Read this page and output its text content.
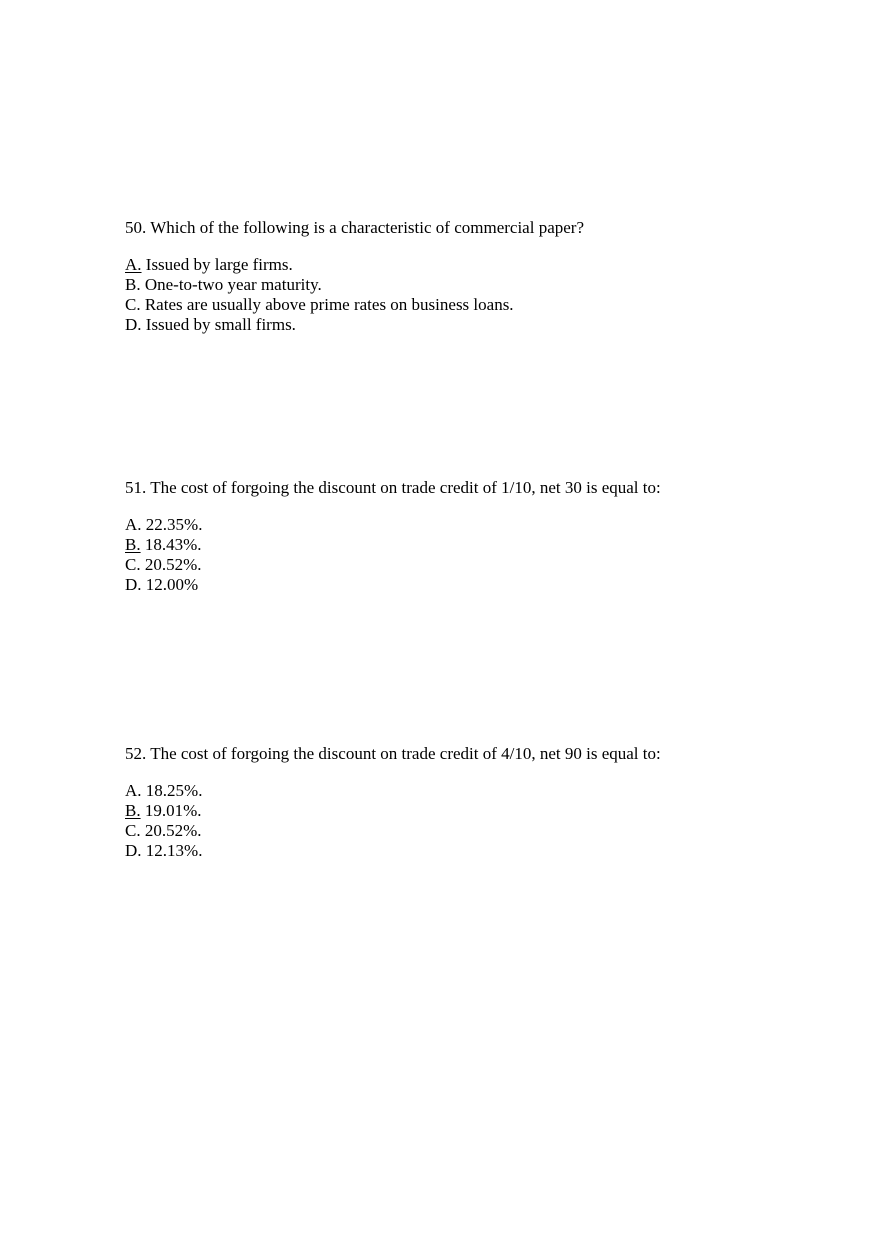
50. Which of the following is a characteristic of commercial paper?

A. Issued by large firms.
B. One-to-two year maturity.
C. Rates are usually above prime rates on business loans.
D. Issued by small firms.

51. The cost of forgoing the discount on trade credit of 1/10, net 30 is equal to:

A. 22.35%.
B. 18.43%.
C. 20.52%.
D. 12.00%

52. The cost of forgoing the discount on trade credit of 4/10, net 90 is equal to:

A. 18.25%.
B. 19.01%.
C. 20.52%.
D. 12.13%.
